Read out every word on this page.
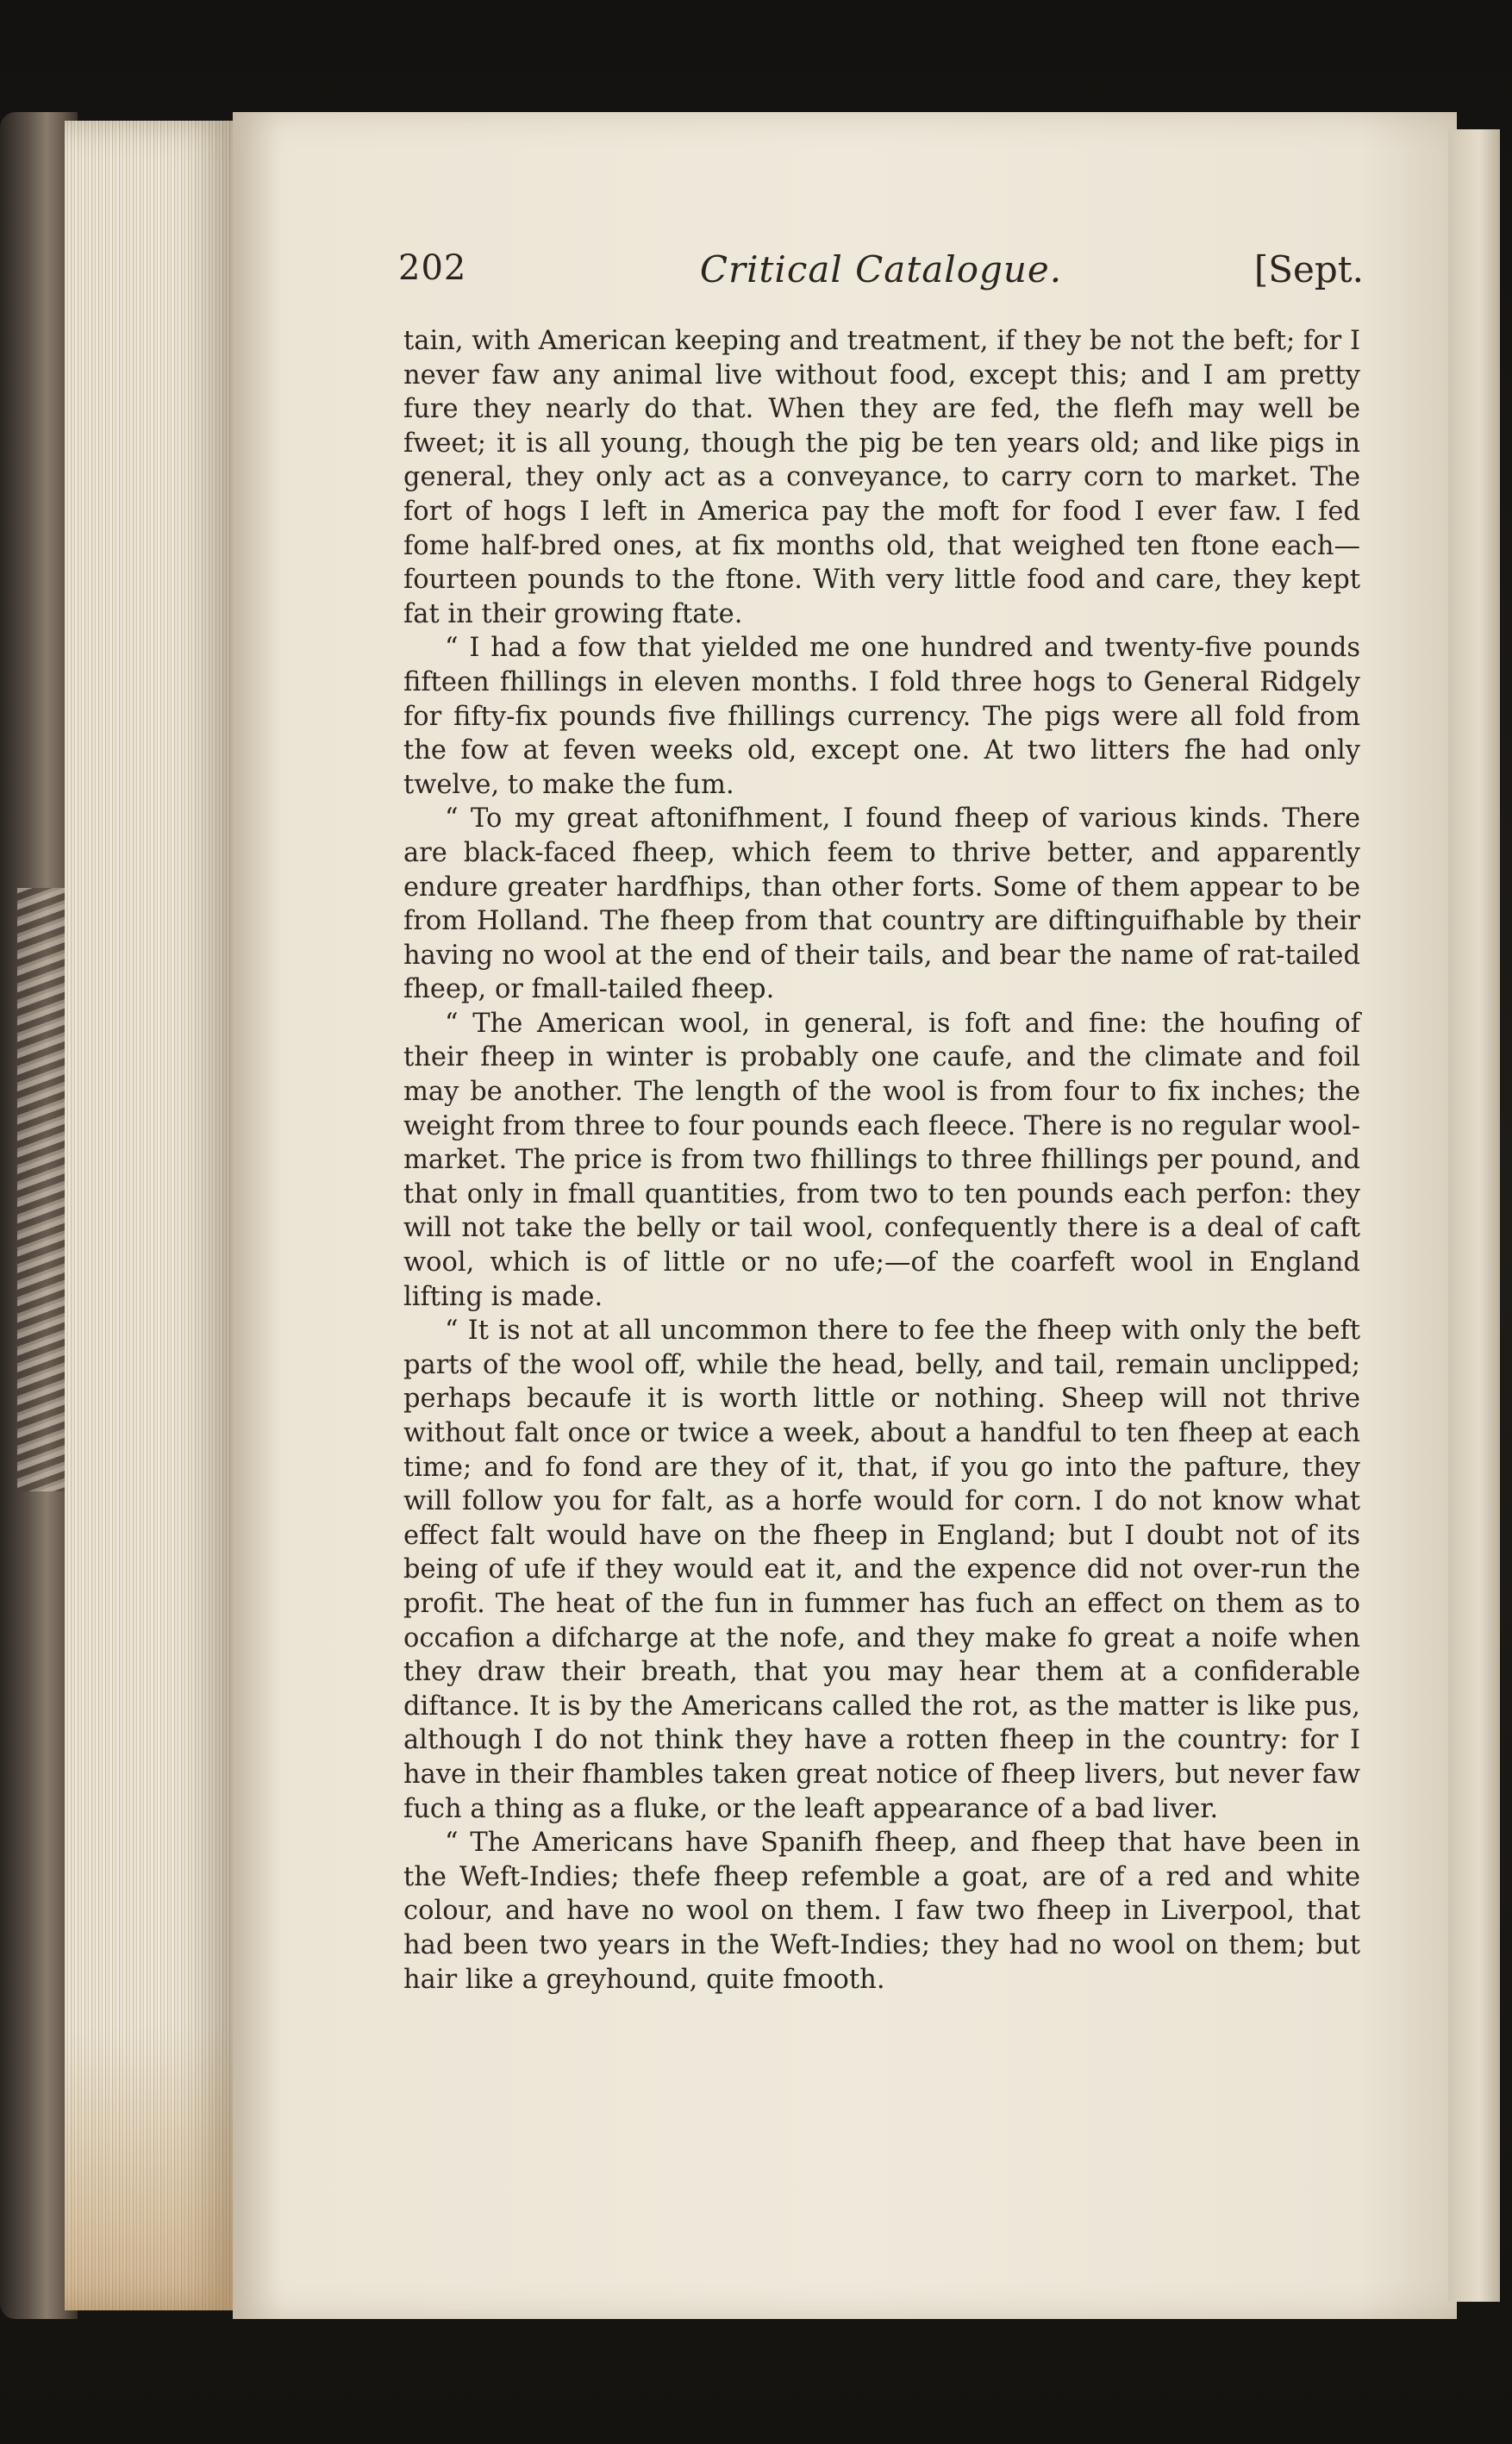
202	Critical Catalogue.	[Sept.

tain, with American keeping and treatment, if they be not the beft; for I never faw any animal live without food, except this; and I am pretty fure they nearly do that. When they are fed, the flefh may well be fweet; it is all young, though the pig be ten years old; and like pigs in general, they only act as a conveyance, to carry corn to market. The fort of hogs I left in America pay the moft for food I ever faw. I fed fome half-bred ones, at fix months old, that weighed ten ftone each—fourteen pounds to the ftone. With very little food and care, they kept fat in their growing ftate.

“ I had a fow that yielded me one hundred and twenty-five pounds fifteen fhillings in eleven months. I fold three hogs to General Ridgely for fifty-fix pounds five fhillings currency. The pigs were all fold from the fow at feven weeks old, except one. At two litters fhe had only twelve, to make the fum.

“ To my great aftonifhment, I found fheep of various kinds. There are black-faced fheep, which feem to thrive better, and apparently endure greater hardfhips, than other forts. Some of them appear to be from Holland. The fheep from that country are diftinguifhable by their having no wool at the end of their tails, and bear the name of rat-tailed fheep, or fmall-tailed fheep.

“ The American wool, in general, is foft and fine: the houfing of their fheep in winter is probably one caufe, and the climate and foil may be another. The length of the wool is from four to fix inches; the weight from three to four pounds each fleece. There is no regular wool-market. The price is from two fhillings to three fhillings per pound, and that only in fmall quantities, from two to ten pounds each perfon: they will not take the belly or tail wool, confequently there is a deal of caft wool, which is of little or no ufe;—of the coarfeft wool in England lifting is made.

“ It is not at all uncommon there to fee the fheep with only the beft parts of the wool off, while the head, belly, and tail, remain unclipped; perhaps becaufe it is worth little or nothing. Sheep will not thrive without falt once or twice a week, about a handful to ten fheep at each time; and fo fond are they of it, that, if you go into the pafture, they will follow you for falt, as a horfe would for corn. I do not know what effect falt would have on the fheep in England; but I doubt not of its being of ufe if they would eat it, and the expence did not over-run the profit. The heat of the fun in fummer has fuch an effect on them as to occafion a difcharge at the nofe, and they make fo great a noife when they draw their breath, that you may hear them at a confiderable diftance. It is by the Americans called the rot, as the matter is like pus, although I do not think they have a rotten fheep in the country: for I have in their fhambles taken great notice of fheep livers, but never faw fuch a thing as a fluke, or the leaft appearance of a bad liver.

“ The Americans have Spanifh fheep, and fheep that have been in the Weft-Indies; thefe fheep refemble a goat, are of a red and white colour, and have no wool on them. I faw two fheep in Liverpool, that had been two years in the Weft-Indies; they had no wool on them; but hair like a greyhound, quite fmooth.
